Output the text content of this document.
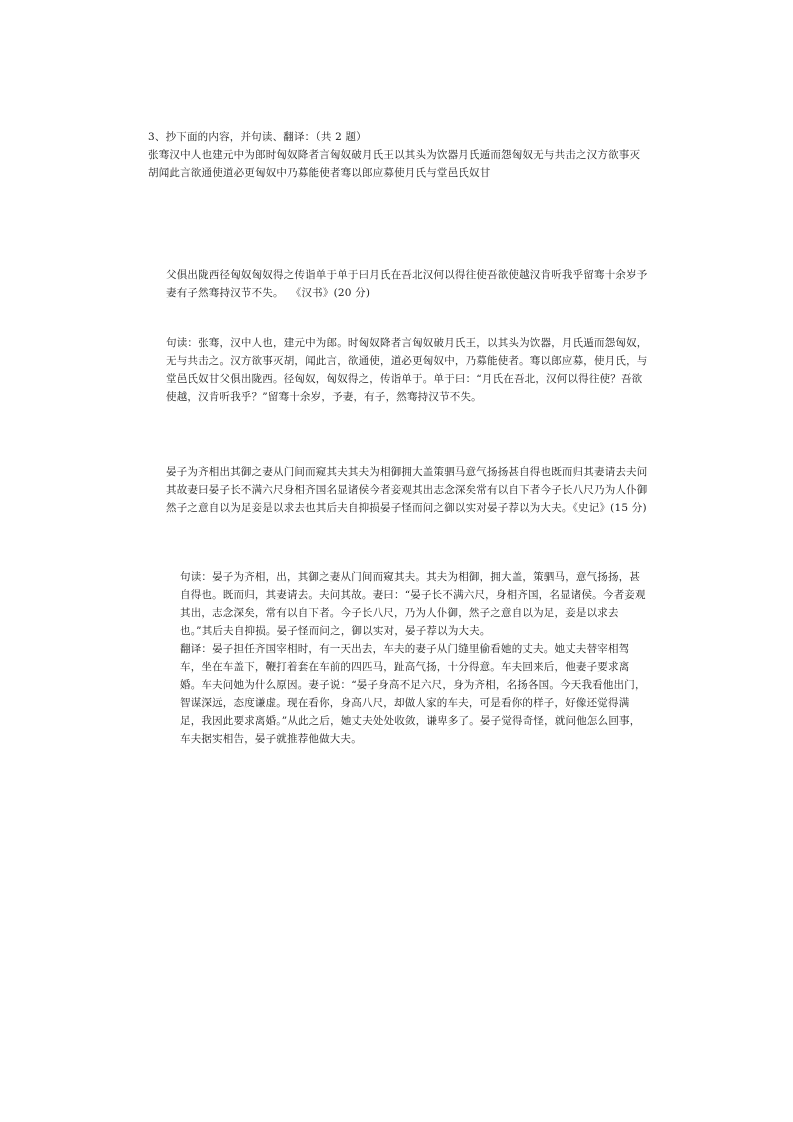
3、抄下面的内容，并句读、翻译：（共 2 题）

张骞汉中人也建元中为郎时匈奴降者言匈奴破月氏王以其头为饮器月氏遁而怨匈奴无与共击之汉方欲事灭胡闻此言欲通使道必更匈奴中乃募能使者骞以郎应募使月氏与堂邑氏奴甘

父俱出陇西径匈奴匈奴得之传诣单于单于曰月氏在吾北汉何以得往使吾欲使越汉肯听我乎留骞十余岁予妻有子然骞持汉节不失。 《汉书》(20 分)

句读：张骞，汉中人也，建元中为郎。时匈奴降者言匈奴破月氏王，以其头为饮器，月氏遁而怨匈奴，无与共击之。汉方欲事灭胡，闻此言，欲通使，道必更匈奴中，乃募能使者。骞以郎应募，使月氏，与堂邑氏奴甘父俱出陇西。径匈奴，匈奴得之，传诣单于。单于曰：“月氏在吾北，汉何以得往使？吾欲使越，汉肯听我乎？”留骞十余岁，予妻，有子，然骞持汉节不失。

晏子为齐相出其御之妻从门间而窥其夫其夫为相御拥大盖策驷马意气扬扬甚自得也既而归其妻请去夫问其故妻曰晏子长不满六尺身相齐国名显诸侯今者妾观其出志念深矣常有以自下者今子长八尺乃为人仆御然子之意自以为足妾是以求去也其后夫自抑损晏子怪而问之御以实对晏子荐以为大夫。《史记》(15 分)

句读：晏子为齐相，出，其御之妻从门间而窥其夫。其夫为相御，拥大盖，策驷马，意气扬扬，甚自得也。既而归，其妻请去。夫问其故。妻曰：“晏子长不满六尺，身相齐国，名显诸侯。今者妾观其出，志念深矣，常有以自下者。今子长八尺，乃为人仆御，然子之意自以为足，妾是以求去也。”其后夫自抑损。晏子怪而问之，御以实对，晏子荐以为大夫。

翻译：晏子担任齐国宰相时，有一天出去，车夫的妻子从门缝里偷看她的丈夫。她丈夫替宰相驾车，坐在车盖下，鞭打着套在车前的四匹马，趾高气扬，十分得意。车夫回来后，他妻子要求离婚。车夫问她为什么原因。妻子说：“晏子身高不足六尺，身为齐相，名扬各国。今天我看他出门，智谋深远，态度谦虚。现在看你，身高八尺，却做人家的车夫，可是看你的样子，好像还觉得满足，我因此要求离婚。”从此之后，她丈夫处处收敛，谦卑多了。晏子觉得奇怪，就问他怎么回事，车夫据实相告，晏子就推荐他做大夫。
